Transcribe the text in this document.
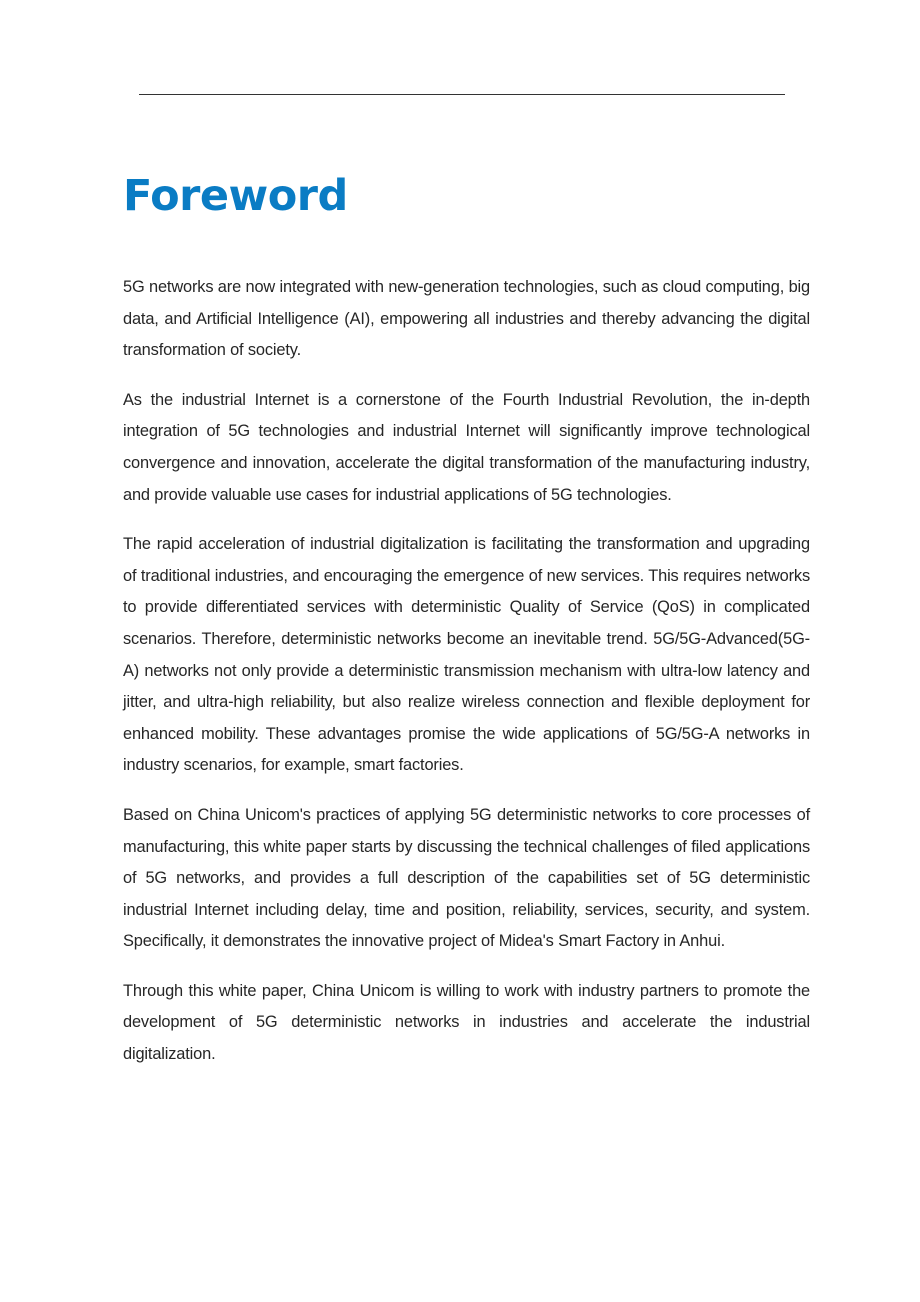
Foreword

5G networks are now integrated with new-generation technologies, such as cloud computing, big data, and Artificial Intelligence (AI), empowering all industries and thereby advancing the digital transformation of society.

As the industrial Internet is a cornerstone of the Fourth Industrial Revolution, the in-depth integration of 5G technologies and industrial Internet will significantly improve technological convergence and innovation, accelerate the digital transformation of the manufacturing industry, and provide valuable use cases for industrial applications of 5G technologies.

The rapid acceleration of industrial digitalization is facilitating the transformation and upgrading of traditional industries, and encouraging the emergence of new services. This requires networks to provide differentiated services with deterministic Quality of Service (QoS) in complicated scenarios. Therefore, deterministic networks become an inevitable trend. 5G/5G-Advanced(5G-A) networks not only provide a deterministic transmission mechanism with ultra-low latency and jitter, and ultra-high reliability, but also realize wireless connection and flexible deployment for enhanced mobility. These advantages promise the wide applications of 5G/5G-A networks in industry scenarios, for example, smart factories.

Based on China Unicom's practices of applying 5G deterministic networks to core processes of manufacturing, this white paper starts by discussing the technical challenges of filed applications of 5G networks, and provides a full description of the capabilities set of 5G deterministic industrial Internet including delay, time and position, reliability, services, security, and system. Specifically, it demonstrates the innovative project of Midea's Smart Factory in Anhui.

Through this white paper, China Unicom is willing to work with industry partners to promote the development of 5G deterministic networks in industries and accelerate the industrial digitalization.
